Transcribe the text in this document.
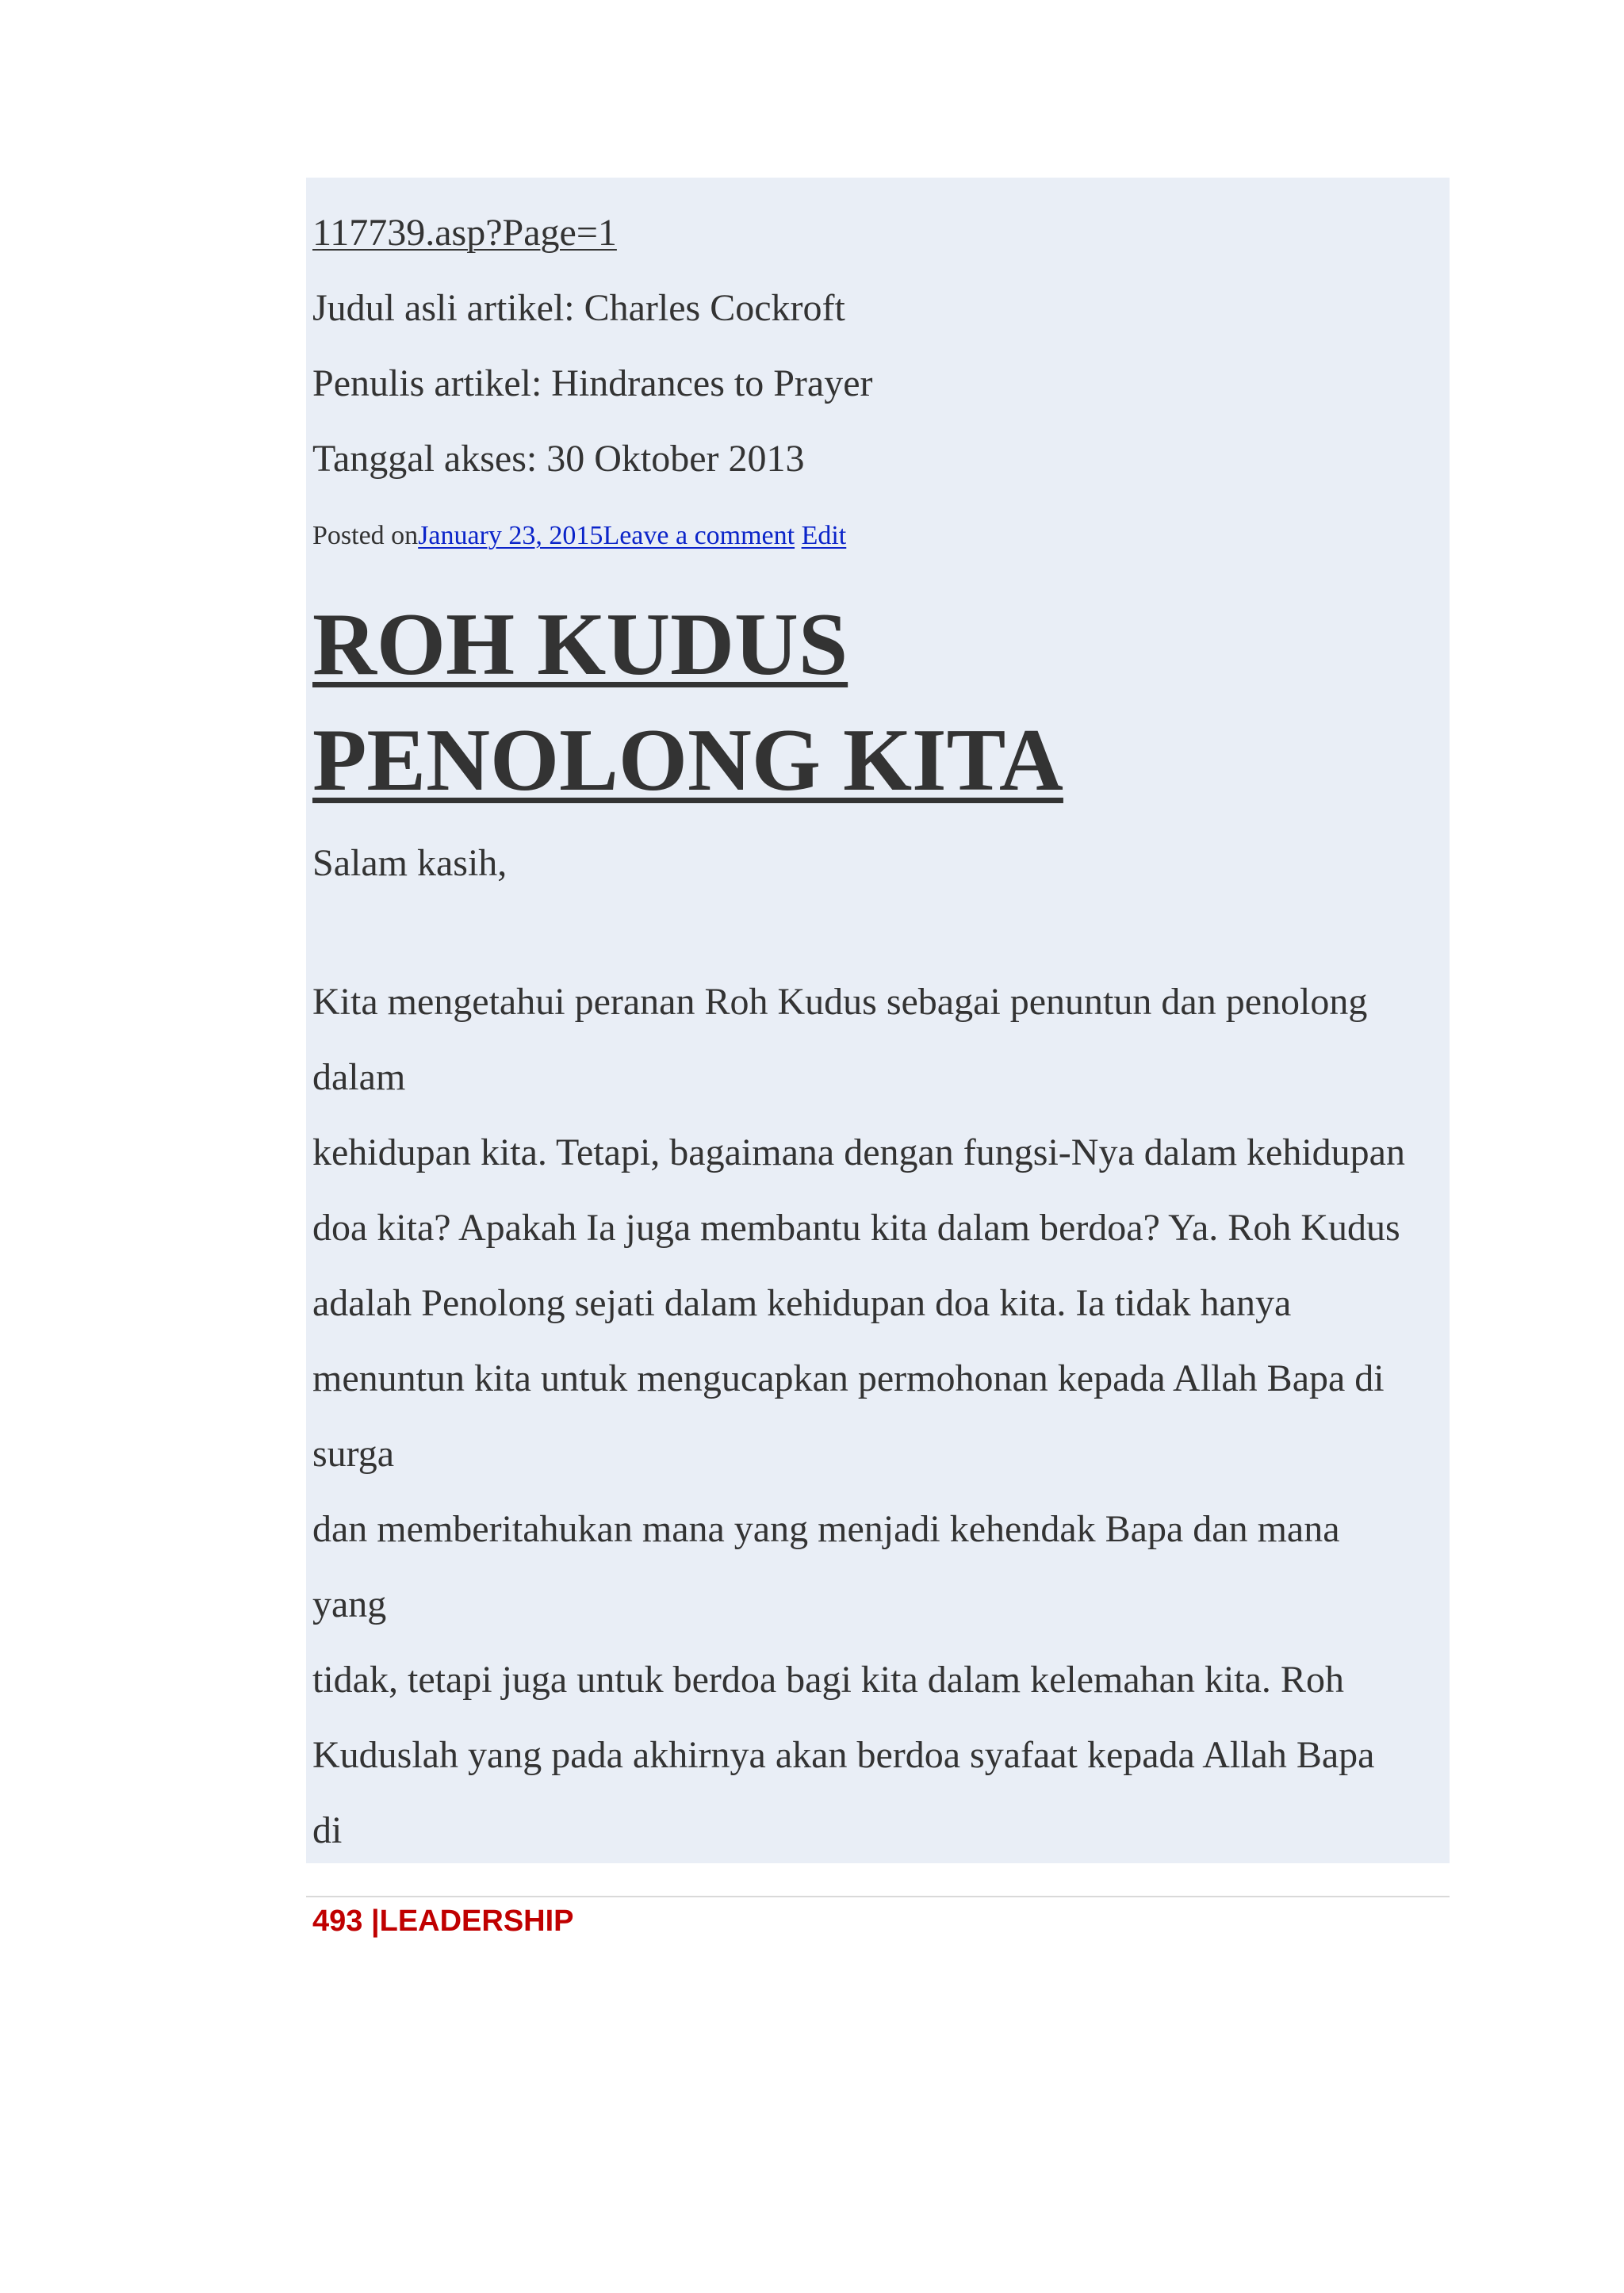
117739.asp?Page=1
Judul asli artikel: Charles Cockroft
Penulis artikel: Hindrances to Prayer
Tanggal akses: 30 Oktober 2013
Posted onJanuary 23, 2015Leave a comment Edit
ROH KUDUS
PENOLONG KITA
Salam kasih,
Kita mengetahui peranan Roh Kudus sebagai penuntun dan penolong
dalam
kehidupan kita. Tetapi, bagaimana dengan fungsi-Nya dalam kehidupan
doa kita? Apakah Ia juga membantu kita dalam berdoa? Ya. Roh Kudus
adalah Penolong sejati dalam kehidupan doa kita. Ia tidak hanya
menuntun kita untuk mengucapkan permohonan kepada Allah Bapa di
surga
dan memberitahukan mana yang menjadi kehendak Bapa dan mana
yang
tidak, tetapi juga untuk berdoa bagi kita dalam kelemahan kita. Roh
Kuduslah yang pada akhirnya akan berdoa syafaat kepada Allah Bapa
di
493 |LEADERSHIP
